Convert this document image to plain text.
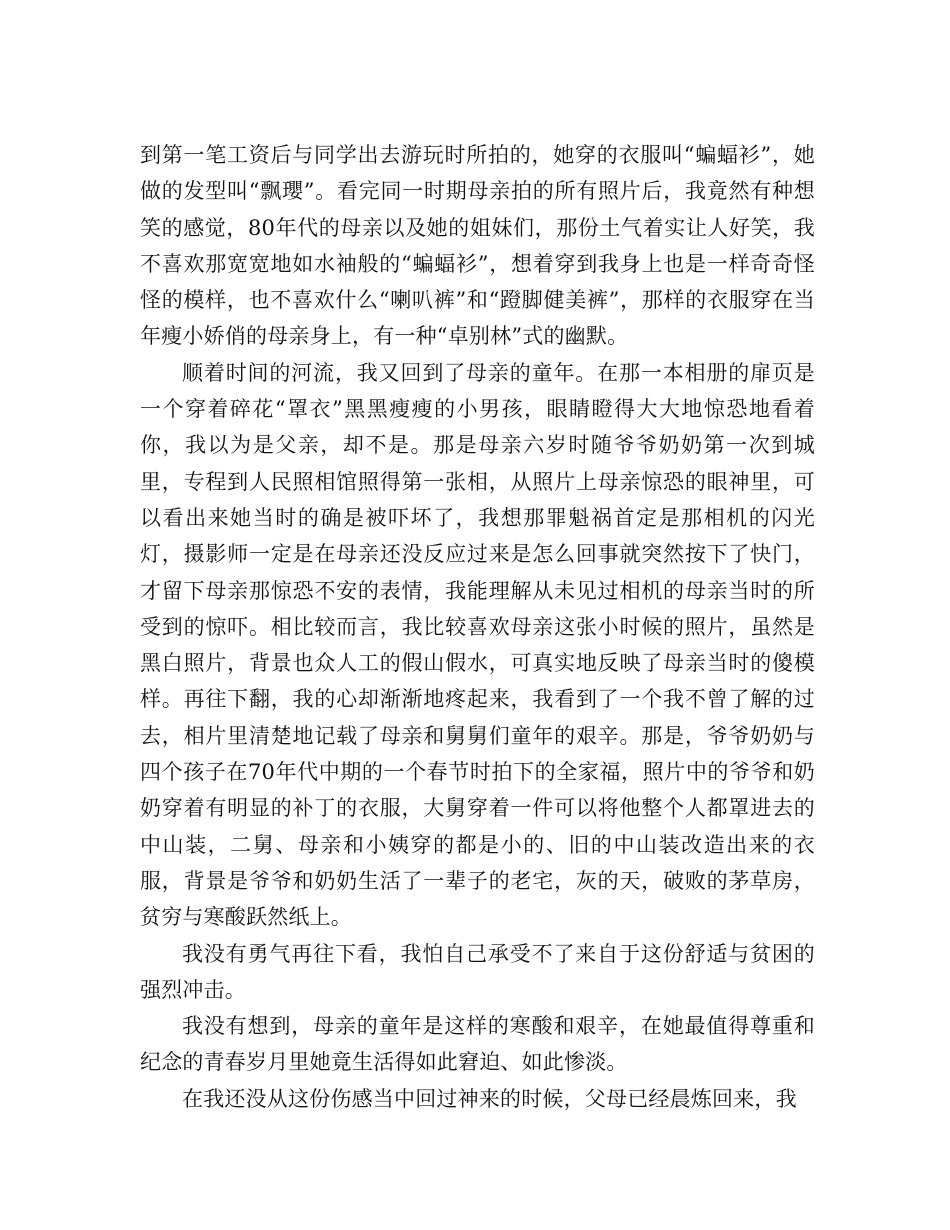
到第一笔工资后与同学出去游玩时所拍的，她穿的衣服叫“蝙蝠衫”，她做的发型叫“飘瓔”。看完同一时期母亲拍的所有照片后，我竟然有种想笑的感觉，80年代的母亲以及她的姐妹们，那份土气着实让人好笑，我不喜欢那宽宽地如水袖般的“蝙蝠衫”，想着穿到我身上也是一样奇奇怪怪的模样，也不喜欢什么“喇叭裤”和“蹬脚健美裤”，那样的衣服穿在当年瘦小娇俏的母亲身上，有一种“卓别林”式的幽默。

顺着时间的河流，我又回到了母亲的童年。在那一本相册的扉页是一个穿着碎花“罩衣”黑黑瘦瘦的小男孩，眼睛瞪得大大地惊恐地看着你，我以为是父亲，却不是。那是母亲六岁时随爷爷奶奶第一次到城里，专程到人民照相馆照得第一张相，从照片上母亲惊恐的眼神里，可以看出来她当时的确是被吓坏了，我想那罪魁祸首定是那相机的闪光灯，摄影师一定是在母亲还没反应过来是怎么回事就突然按下了快门，才留下母亲那惊恐不安的表情，我能理解从未见过相机的母亲当时的所受到的惊吓。相比较而言，我比较喜欢母亲这张小时候的照片，虽然是黑白照片，背景也众人工的假山假水，可真实地反映了母亲当时的傻模样。再往下翻，我的心却渐渐地疼起来，我看到了一个我不曾了解的过去，相片里清楚地记载了母亲和舅舅们童年的艰辛。那是，爷爷奶奶与四个孩子在70年代中期的一个春节时拍下的全家福，照片中的爷爷和奶奶穿着有明显的补丁的衣服，大舅穿着一件可以将他整个人都罩进去的中山装，二舅、母亲和小姨穿的都是小的、旧的中山装改造出来的衣服，背景是爷爷和奶奶生活了一辈子的老宅，灰的天，破败的茅草房，贫穷与寒酸跃然纸上。

我没有勇气再往下看，我怕自己承受不了来自于这份舒适与贫困的强烈冲击。

我没有想到，母亲的童年是这样的寒酸和艰辛，在她最值得尊重和纪念的青春岁月里她竟生活得如此窘迫、如此惨淡。

在我还没从这份伤感当中回过神来的时候，父母已经晨炼回来，我
